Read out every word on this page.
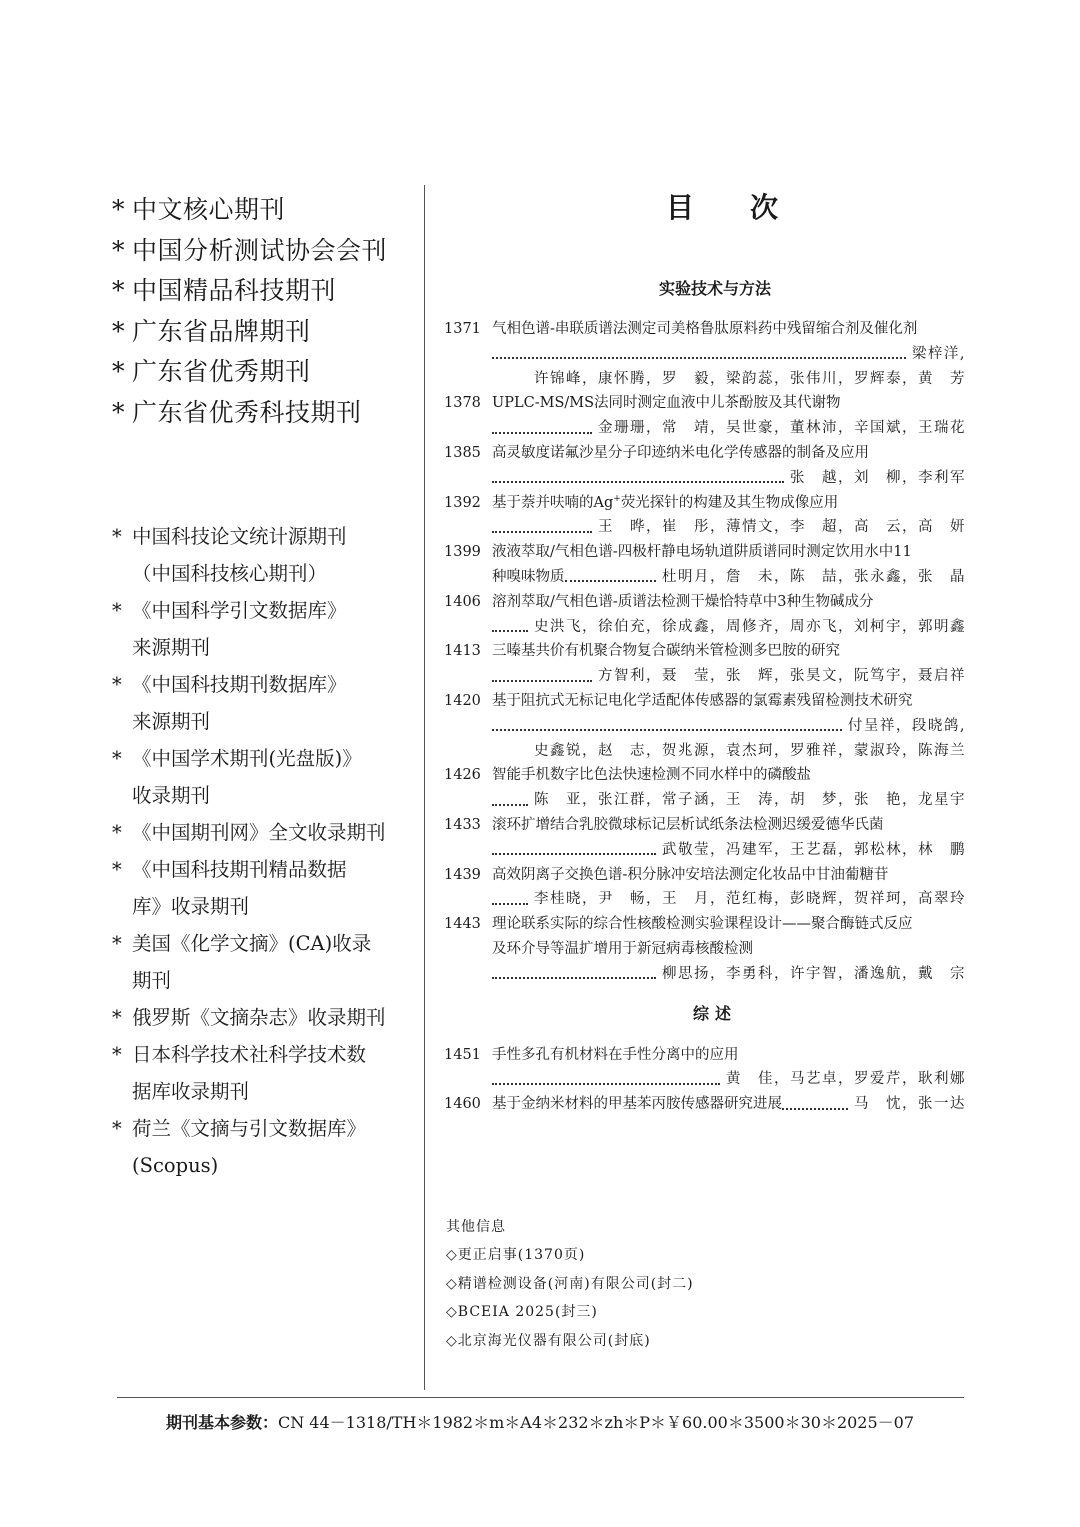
* 中文核心期刊
* 中国分析测试协会会刊
* 中国精品科技期刊
* 广东省品牌期刊
* 广东省优秀期刊
* 广东省优秀科技期刊
* 中国科技论文统计源期刊
（中国科技核心期刊）
* 《中国科学引文数据库》
来源期刊
* 《中国科技期刊数据库》
来源期刊
* 《中国学术期刊(光盘版)》
收录期刊
* 《中国期刊网》全文收录期刊
* 《中国科技期刊精品数据
库》收录期刊
* 美国《化学文摘》(CA)收录
期刊
* 俄罗斯《文摘杂志》收录期刊
* 日本科学技术社科学技术数
据库收录期刊
* 荷兰《文摘与引文数据库》
(Scopus)
目次
实验技术与方法
1371 气相色谱-串联质谱法测定司美格鲁肽原料药中残留缩合剂及催化剂
梁梓洋,
许锦峰，康怀腾，罗　毅，梁韵蕊，张伟川，罗辉泰，黄　芳
1378 UPLC-MS/MS法同时测定血液中儿茶酚胺及其代谢物
金珊珊，常　靖，吴世豪，董林沛，辛国斌，王瑞花
1385 高灵敏度诺氟沙星分子印迹纳米电化学传感器的制备及应用
张　越，刘　柳，李利军
1392 基于萘并呋喃的Ag+荧光探针的构建及其生物成像应用
王　晔，崔　彤，薄情文，李　超，高　云，高　妍
1399 液液萃取/气相色谱-四极杆静电场轨道阱质谱同时测定饮用水中11
种嗅味物质	杜明月，詹　未，陈　喆，张永鑫，张　晶
1406 溶剂萃取/气相色谱-质谱法检测干燥恰特草中3种生物碱成分
史洪飞，徐伯充，徐成鑫，周修齐，周亦飞，刘柯宇，郭明鑫
1413 三嗪基共价有机聚合物复合碳纳米管检测多巴胺的研究
方智利，聂　莹，张　辉，张昊文，阮笃宇，聂启祥
1420 基于阻抗式无标记电化学适配体传感器的氯霉素残留检测技术研究
付呈祥，段晓鸽,
史鑫锐，赵　志，贺兆源，袁杰珂，罗雅祥，蒙淑玲，陈海兰
1426 智能手机数字比色法快速检测不同水样中的磷酸盐
陈　亚，张江群，常子涵，王　涛，胡　梦，张　艳，龙星宇
1433 滚环扩增结合乳胶微球标记层析试纸条法检测迟缓爱德华氏菌
武敬莹，冯建军，王艺磊，郭松林，林　鹏
1439 高效阴离子交换色谱-积分脉冲安培法测定化妆品中甘油葡糖苷
李桂晓，尹　畅，王　月，范红梅，彭晓辉，贺祥珂，高翠玲
1443 理论联系实际的综合性核酸检测实验课程设计——聚合酶链式反应
及环介导等温扩增用于新冠病毒核酸检测
柳思扬，李勇科，许宇智，潘逸航，戴　宗
综述
1451 手性多孔有机材料在手性分离中的应用
黄　佳，马艺卓，罗爱芹，耿利娜
1460 基于金纳米材料的甲基苯丙胺传感器研究进展	马　忱，张一达
其他信息
◇更正启事(1370页)
◇精谱检测设备(河南)有限公司(封二)
◇BCEIA 2025(封三)
◇北京海光仪器有限公司(封底)
期刊基本参数：CN 44－1318/TH＊1982＊m＊A4＊232＊zh＊P＊￥60.00＊3500＊30＊2025－07
